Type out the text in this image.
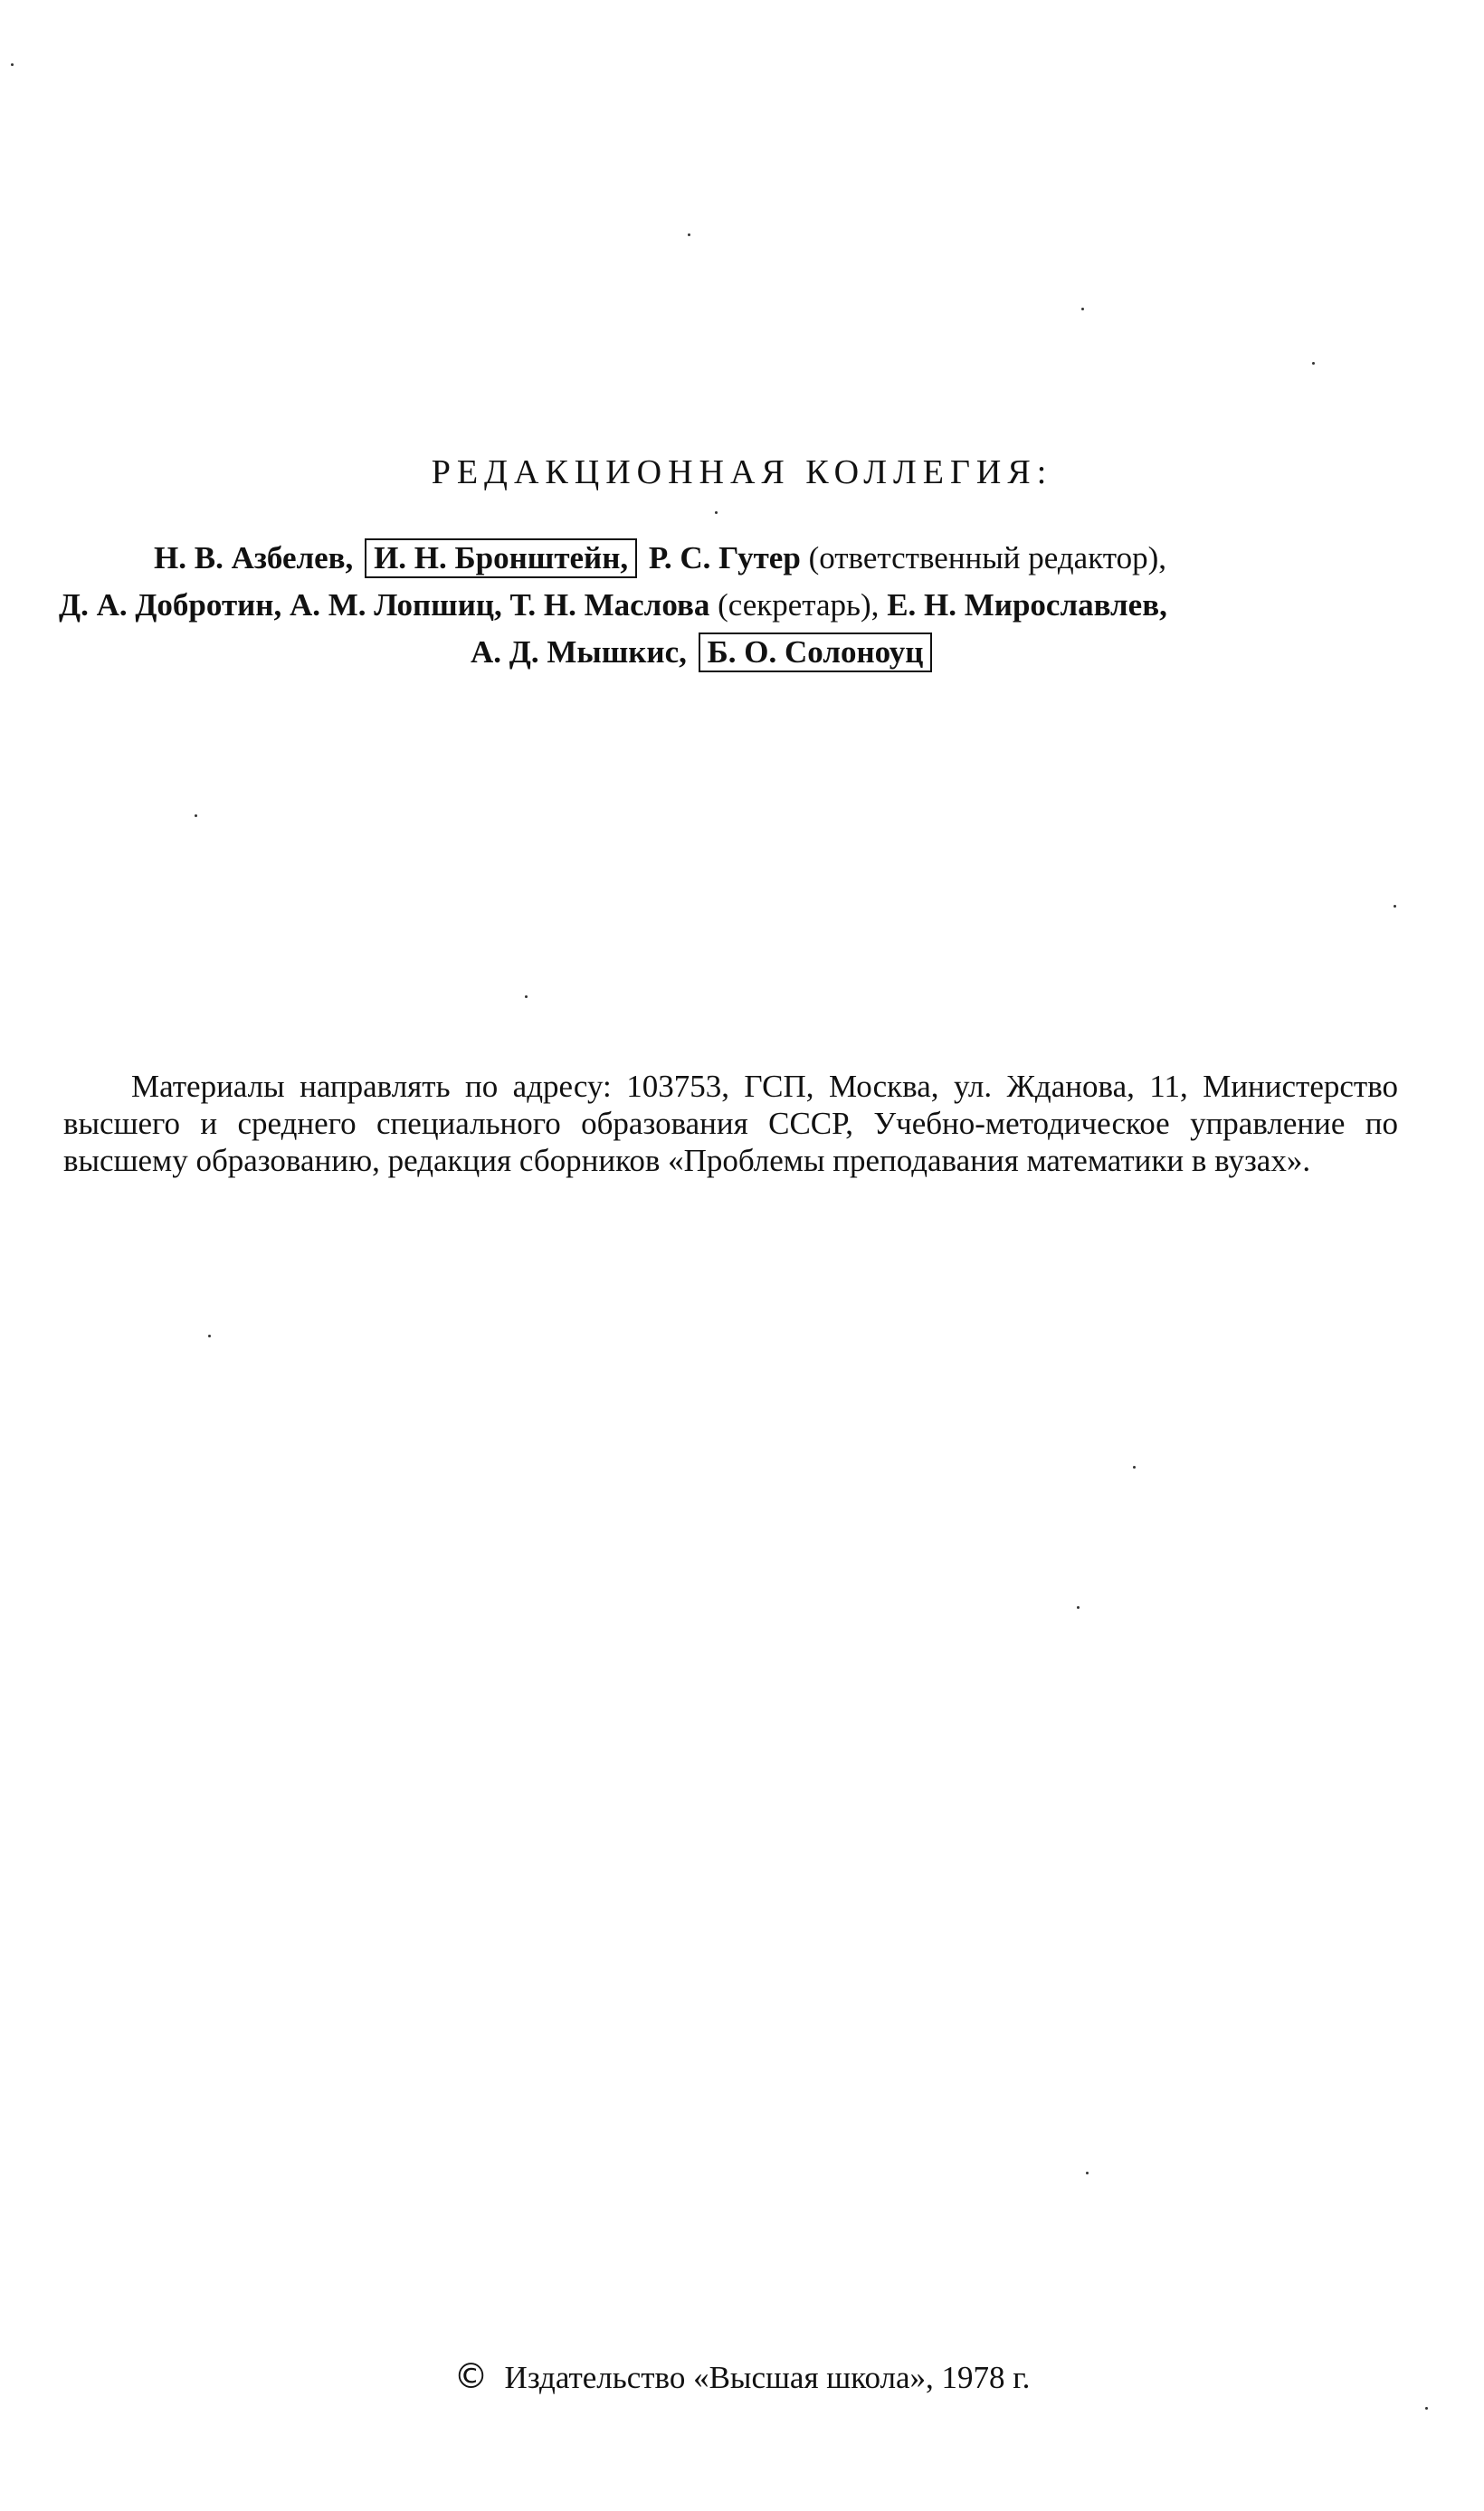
РЕДАКЦИОННАЯ КОЛЛЕГИЯ:
Н. В. Азбелев, И. Н. Бронштейн, Р. С. Гутер (ответственный редактор),
Д. А. Добротин, А. М. Лопшиц, Т. Н. Маслова (секретарь), Е. Н. Мирославлев,
А. Д. Мышкис, Б. О. Солоноуц

Материалы направлять по адресу: 103753, ГСП, Москва, ул. Жданова, 11, Министерство высшего и среднего специального образования СССР, Учебно-методическое управление по высшему образованию, редакция сборников «Проблемы преподавания математики в вузах».

© Издательство «Высшая школа», 1978 г.
